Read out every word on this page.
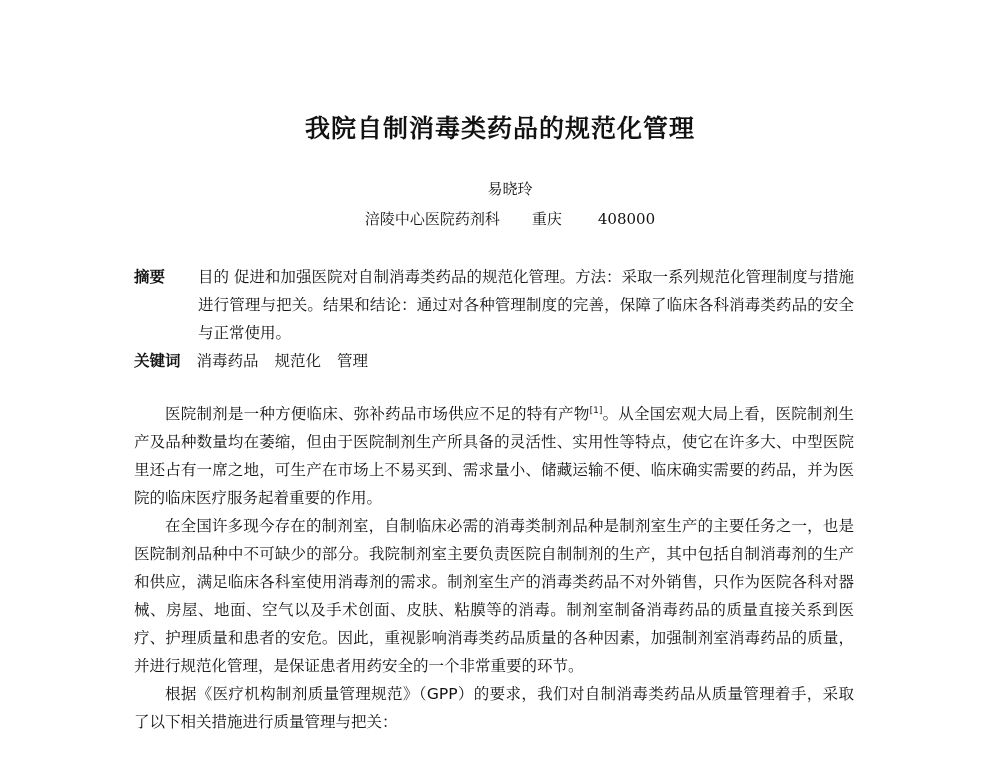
我院自制消毒类药品的规范化管理
易晓玲
涪陵中心医院药剂科 重庆 408000
摘要	目的 促进和加强医院对自制消毒类药品的规范化管理。方法：采取一系列规范化管理制度与措施进行管理与把关。结果和结论：通过对各种管理制度的完善，保障了临床各科消毒类药品的安全与正常使用。
关键词 消毒药品 规范化 管理

医院制剂是一种方便临床、弥补药品市场供应不足的特有产物[1]。从全国宏观大局上看，医院制剂生产及品种数量均在萎缩，但由于医院制剂生产所具备的灵活性、实用性等特点，使它在许多大、中型医院里还占有一席之地，可生产在市场上不易买到、需求量小、储藏运输不便、临床确实需要的药品，并为医院的临床医疗服务起着重要的作用。

在全国许多现今存在的制剂室，自制临床必需的消毒类制剂品种是制剂室生产的主要任务之一，也是医院制剂品种中不可缺少的部分。我院制剂室主要负责医院自制制剂的生产，其中包括自制消毒剂的生产和供应，满足临床各科室使用消毒剂的需求。制剂室生产的消毒类药品不对外销售，只作为医院各科对器械、房屋、地面、空气以及手术创面、皮肤、粘膜等的消毒。制剂室制备消毒药品的质量直接关系到医疗、护理质量和患者的安危。因此，重视影响消毒类药品质量的各种因素，加强制剂室消毒药品的质量，并进行规范化管理，是保证患者用药安全的一个非常重要的环节。

根据《医疗机构制剂质量管理规范》（GPP）的要求，我们对自制消毒类药品从质量管理着手，采取了以下相关措施进行质量管理与把关：
